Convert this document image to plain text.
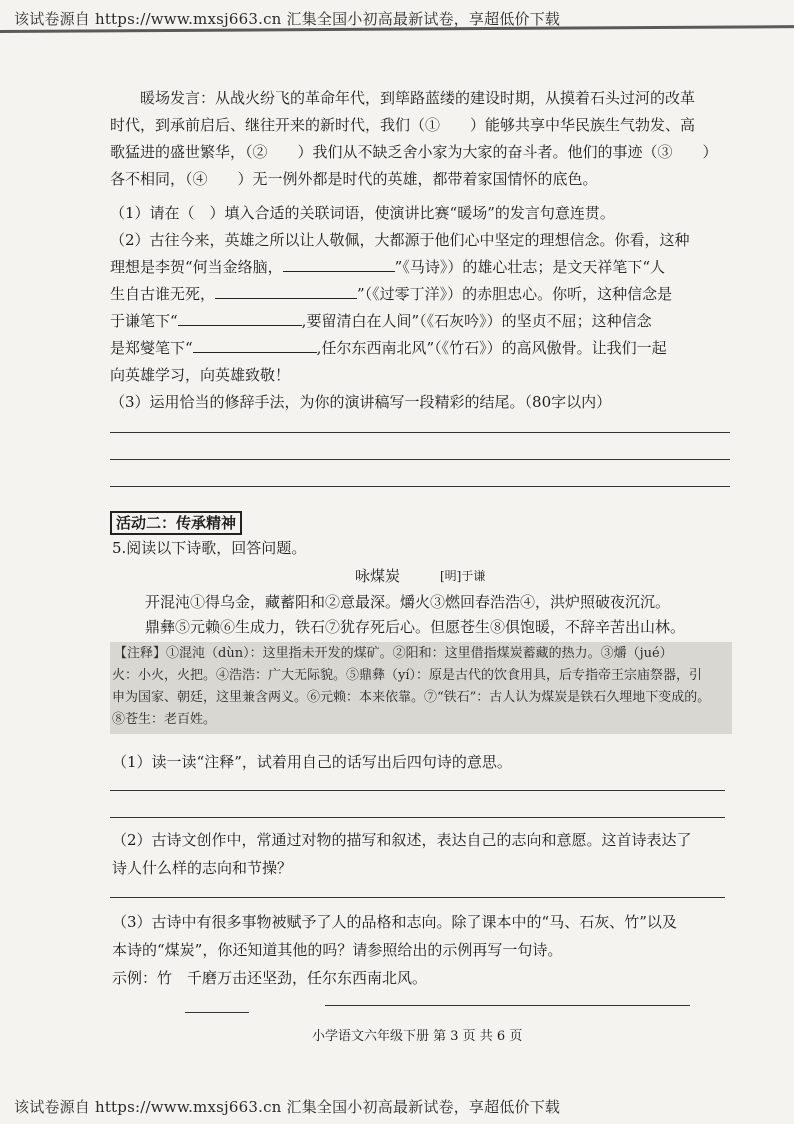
该试卷源自 https://www.mxsj663.cn 汇集全国小初高最新试卷，享超低价下载
暖场发言：从战火纷飞的革命年代，到筚路蓝缕的建设时期，从摸着石头过河的改革
时代，到承前启后、继往开来的新时代，我们（①　　）能够共享中华民族生气勃发、高
歌猛进的盛世繁华，（②　　）我们从不缺乏舍小家为大家的奋斗者。他们的事迹（③　　）
各不相同，（④　　）无一例外都是时代的英雄，都带着家国情怀的底色。
（1）请在（　）填入合适的关联词语，使演讲比赛“暖场”的发言句意连贯。
（2）古往今来，英雄之所以让人敬佩，大都源于他们心中坚定的理想信念。你看，这种
理想是李贺“何当金络脑，	”《马诗》）的雄心壮志；是文天祥笔下“人
生自古谁无死，	”（《过零丁洋》）的赤胆忠心。你听，这种信念是
于谦笔下“	,要留清白在人间”（《石灰吟》）的坚贞不屈；这种信念
是郑燮笔下“	,任尔东西南北风”（《竹石》）的高风傲骨。让我们一起
向英雄学习，向英雄致敬！
（3）运用恰当的修辞手法，为你的演讲稿写一段精彩的结尾。（80字以内）
活动二：传承精神
5.阅读以下诗歌，回答问题。
咏煤炭	[明]于谦
开混沌①得乌金，藏蓄阳和②意最深。爝火③燃回春浩浩④，洪炉照破夜沉沉。
鼎彝⑤元赖⑥生成力，铁石⑦犹存死后心。但愿苍生⑧俱饱暖，不辞辛苦出山林。
【注释】①混沌（dùn）：这里指未开发的煤矿。②阳和：这里借指煤炭蓄藏的热力。③爝（jué）
火：小火，火把。④浩浩：广大无际貌。⑤鼎彝（yí）：原是古代的饮食用具，后专指帝王宗庙祭器，引
申为国家、朝廷，这里兼含两义。⑥元赖：本来依靠。⑦“铁石”：古人认为煤炭是铁石久埋地下变成的。
⑧苍生：老百姓。
（1）读一读“注释”，试着用自己的话写出后四句诗的意思。
（2）古诗文创作中，常通过对物的描写和叙述，表达自己的志向和意愿。这首诗表达了
诗人什么样的志向和节操？
（3）古诗中有很多事物被赋予了人的品格和志向。除了课本中的“马、石灰、竹”以及
本诗的“煤炭”，你还知道其他的吗？请参照给出的示例再写一句诗。
示例：竹　千磨万击还坚劲，任尔东西南北风。
小学语文六年级下册 第 3 页 共 6 页
该试卷源自 https://www.mxsj663.cn 汇集全国小初高最新试卷，享超低价下载
